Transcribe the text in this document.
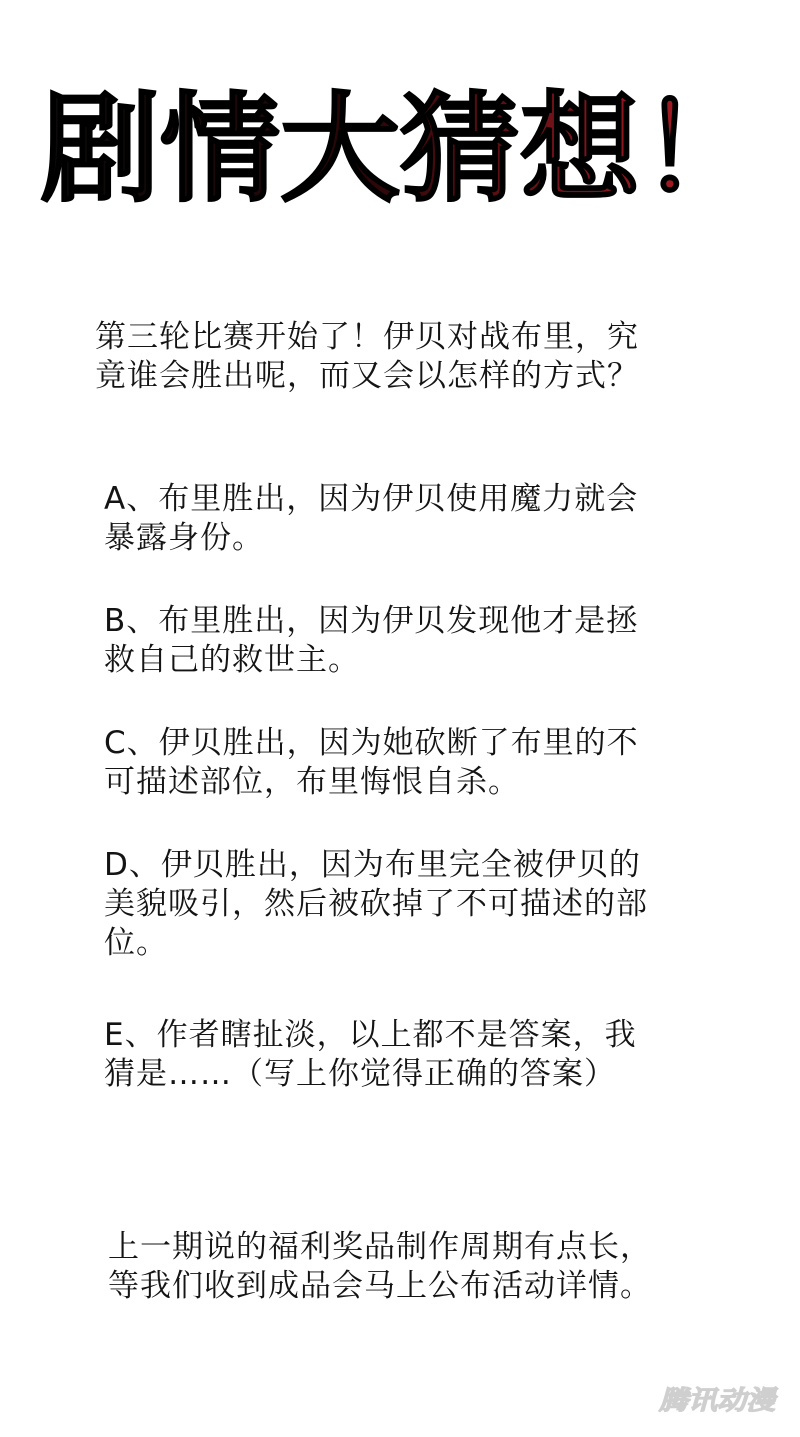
剧情大猜想！
第三轮比赛开始了！伊贝对战布里，究
竟谁会胜出呢，而又会以怎样的方式？
A、布里胜出，因为伊贝使用魔力就会
暴露身份。
B、布里胜出，因为伊贝发现他才是拯
救自己的救世主。
C、伊贝胜出，因为她砍断了布里的不
可描述部位，布里悔恨自杀。
D、伊贝胜出，因为布里完全被伊贝的
美貌吸引，然后被砍掉了不可描述的部
位。
E、作者瞎扯淡，以上都不是答案，我
猜是……（写上你觉得正确的答案）
上一期说的福利奖品制作周期有点长，
等我们收到成品会马上公布活动详情。
腾讯动漫
